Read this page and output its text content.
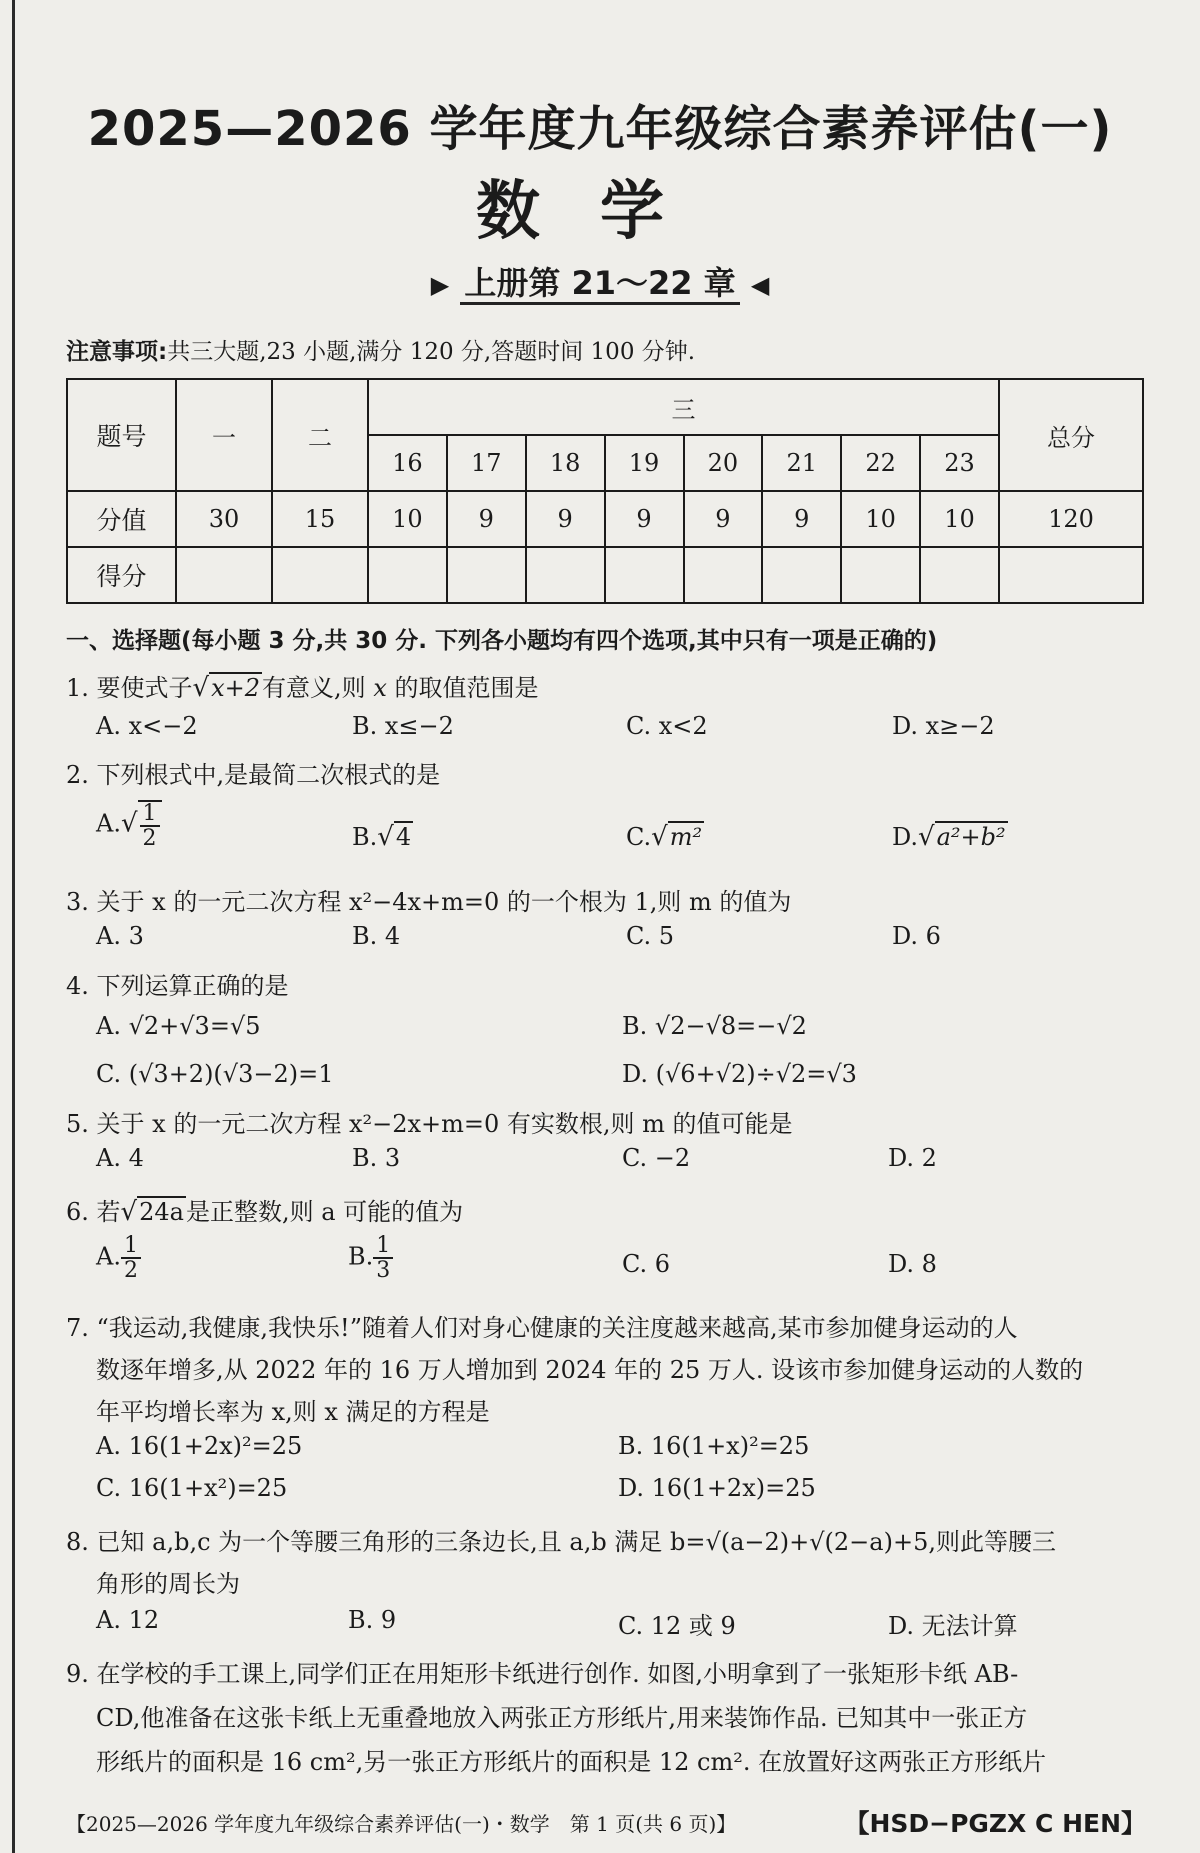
2025—2026 学年度九年级综合素养评估(一)
数学
▶ 上册第 21～22 章 ◀
注意事项:共三大题,23 小题,满分 120 分,答题时间 100 分钟.
题号	一	二	三								总分
			16	17	18	19	20	21	22	23	
分值	30	15	10	9	9	9	9	9	10	10	120
得分											
一、选择题(每小题 3 分,共 30 分. 下列各小题均有四个选项,其中只有一项是正确的)
1. 要使式子√x+2有意义,则 x 的取值范围是
A. x<−2	B. x≤−2	C. x<2	D. x≥−2
2. 下列根式中,是最简二次根式的是
$A.√ \frac{1}{2}$	B.√4	C.√m²	D.√a²+b²
3. 关于 x 的一元二次方程 x²−4x+m=0 的一个根为 1,则 m 的值为
A. 3	B. 4	C. 5	D. 6
4. 下列运算正确的是
A. √2+√3=√5	B. √2−√8=−√2
C. (√3+2)(√3−2)=1	D. (√6+√2)÷√2=√3
5. 关于 x 的一元二次方程 x²−2x+m=0 有实数根,则 m 的值可能是
A. 4	B. 3	C. −2	D. 2
6. 若√24a是正整数,则 a 可能的值为
A. $\frac{1}{2}$	B. $\frac{1}{3}$	C. 6	D. 8
7. “我运动,我健康,我快乐!”随着人们对身心健康的关注度越来越高,某市参加健身运动的人
数逐年增多,从 2022 年的 16 万人增加到 2024 年的 25 万人. 设该市参加健身运动的人数的
年平均增长率为 x,则 x 满足的方程是
A. 16(1+2x)²=25	B. 16(1+x)²=25
C. 16(1+x²)=25	D. 16(1+2x)=25
8. 已知 a,b,c 为一个等腰三角形的三条边长,且 a,b 满足 b=√(a−2)+√(2−a)+5,则此等腰三
角形的周长为
A. 12	B. 9	C. 12 或 9	D. 无法计算
9. 在学校的手工课上,同学们正在用矩形卡纸进行创作. 如图,小明拿到了一张矩形卡纸 AB-
CD,他准备在这张卡纸上无重叠地放入两张正方形纸片,用来装饰作品. 已知其中一张正方
形纸片的面积是 16 cm²,另一张正方形纸片的面积是 12 cm². 在放置好这两张正方形纸片
【2025—2026 学年度九年级综合素养评估(一)・数学　第 1 页(共 6 页)】	【HSD−PGZX C HEN】
